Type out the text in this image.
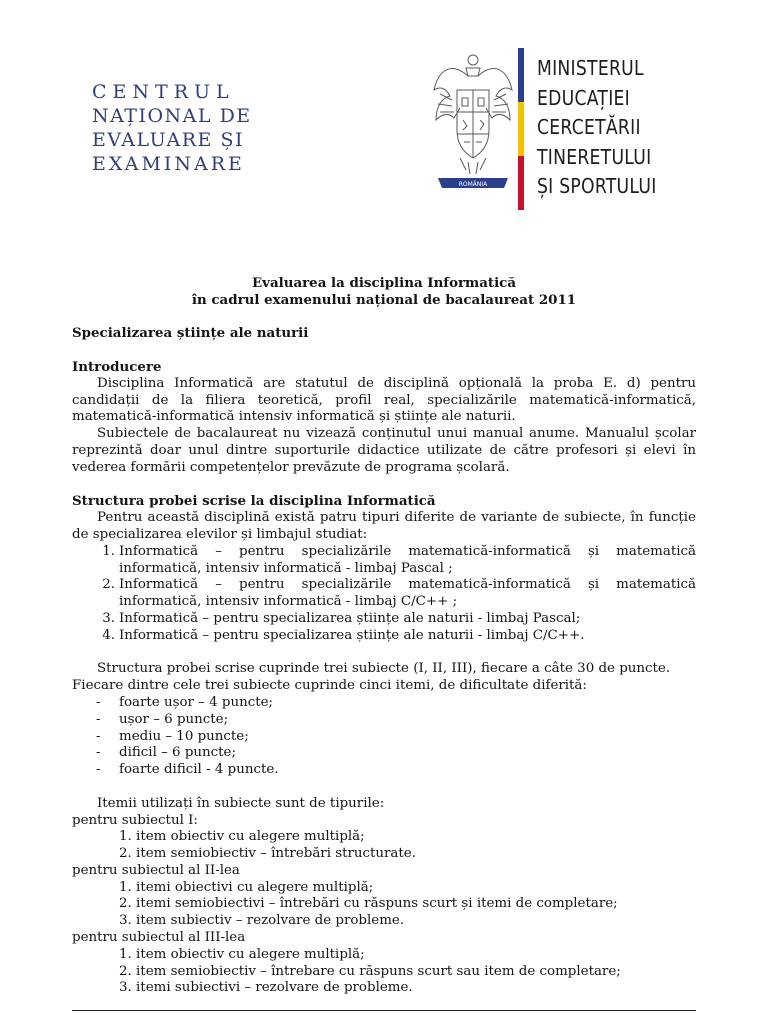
CENTRUL
NAȚIONAL DE
EVALUARE ȘI
EXAMINARE
ROMÂNIA
MINISTERUL
EDUCAȚIEI
CERCETĂRII
TINERETULUI
ȘI SPORTULUI
Evaluarea la disciplina Informatică
în cadrul examenului național de bacalaureat 2011
Specializarea științe ale naturii
Introducere
Disciplina Informatică are statutul de disciplină opțională la proba E. d) pentru candidații de la filiera teoretică, profil real, specializările matematică-informatică, matematică-informatică intensiv informatică și științe ale naturii.
Subiectele de bacalaureat nu vizează conținutul unui manual anume. Manualul școlar reprezintă doar unul dintre suporturile didactice utilizate de către profesori și elevi în vederea formării competențelor prevăzute de programa școlară.
Structura probei scrise la disciplina Informatică
Pentru această disciplină există patru tipuri diferite de variante de subiecte, în funcție de specializarea elevilor și limbajul studiat:
1. Informatică – pentru specializările matematică-informatică și matematică informatică, intensiv informatică - limbaj Pascal ;
2. Informatică – pentru specializările matematică-informatică și matematică informatică, intensiv informatică - limbaj C/C++ ;
3. Informatică – pentru specializarea științe ale naturii - limbaj Pascal;
4. Informatică – pentru specializarea științe ale naturii - limbaj C/C++.
Structura probei scrise cuprinde trei subiecte (I, II, III), fiecare a câte 30 de puncte.
Fiecare dintre cele trei subiecte cuprinde cinci itemi, de dificultate diferită:
-	foarte ușor – 4 puncte;
-	ușor – 6 puncte;
-	mediu – 10 puncte;
-	dificil – 6 puncte;
-	foarte dificil - 4 puncte.
Itemii utilizați în subiecte sunt de tipurile:
pentru subiectul I:
1. item obiectiv cu alegere multiplă;
2. item semiobiectiv – întrebări structurate.
pentru subiectul al II-lea
1. itemi obiectivi cu alegere multiplă;
2. itemi semiobiectivi – întrebări cu răspuns scurt și itemi de completare;
3. item subiectiv – rezolvare de probleme.
pentru subiectul al III-lea
1. item obiectiv cu alegere multiplă;
2. item semiobiectiv – întrebare cu răspuns scurt sau item de completare;
3. itemi subiectivi – rezolvare de probleme.
